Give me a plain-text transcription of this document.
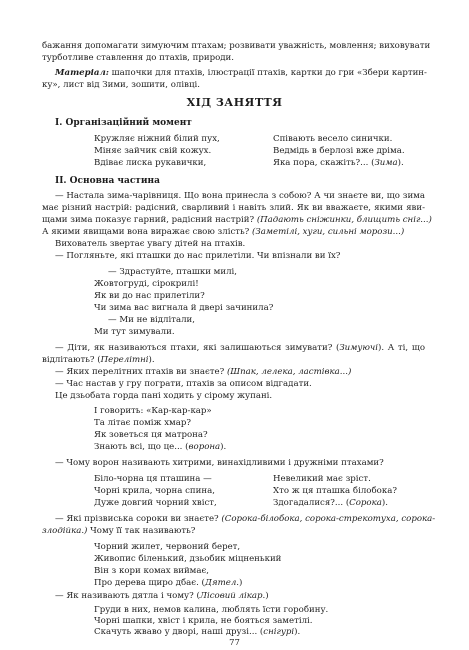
бажання допомагати зимуючим птахам; розвивати уважність, мовлення; виховувати
турботливе ставлення до птахів, природи.
Матеріал: шапочки для птахів, ілюстрації птахів, картки до гри «Збери картин-
ку», лист від Зими, зошити, олівці.
ХІД ЗАНЯТТЯ
I. Організаційний момент
Кружляє ніжний білий пух,
Міняє зайчик свій кожух.
Вдіває лиска рукавички,
Співають весело синички.
Ведмідь в берлозі вже дріма.
Яка пора, скажіть?... (Зима).
II. Основна частина
— Настала зима-чарівниця. Що вона принесла з собою? А чи знаєте ви, що зима
має різний настрій: радісний, сварливий і навіть злий. Як ви вважаєте, якими яви-
щами зима показує гарний, радісний настрій? (Падають сніжинки, блищить сніг...)
А якими явищами вона виражає свою злість? (Заметілі, хуги, сильні морози...)
Вихователь звертає увагу дітей на птахів.
— Погляньте, які пташки до нас прилетіли. Чи впізнали ви їх?
— Здрастуйте, пташки милі,
Жовтогруді, сірокрилі!
Як ви до нас прилетіли?
Чи зима вас вигнала й двері зачинила?
— Ми не відлітали,
Ми тут зимували.
— Діти, як називаються птахи, які залишаються зимувати? (Зимуючі). А ті, що
відлітають? (Перелітні).
— Яких перелітних птахів ви знаєте? (Шпак, лелека, ластівка...)
— Час настав у гру пограти, птахів за описом відгадати.
Це дзьобата горда пані ходить у сірому жупані.
І говорить: «Кар-кар-кар»
Та літає поміж хмар?
Як зоветься ця матрона?
Знають всі, що це... (ворона).
— Чому ворон називають хитрими, винахідливими і дружніми птахами?
Біло-чорна ця пташина —
Чорні крила, чорна спина,
Дуже довгий чорний хвіст,
Невеликий має зріст.
Хто ж ця пташка білобока?
Здогадалися?... (Сорока).
— Які прізвиська сороки ви знаєте? (Сорока-білобока, сорока-стрекотуха, сорока-
злодійка.) Чому її так називають?
Чорний жилет, червоний берет,
Живопис біленький, дзьобик міцненький
Він з кори комах виймає,
Про дерева щиро дбає. (Дятел.)
— Як називають дятла і чому? (Лісовий лікар.)
Груди в них, немов калина, люблять їсти горобину.
Чорні шапки, хвіст і крила, не бояться заметілі.
Скачуть жваво у дворі, наші друзі... (снігурі).
77
